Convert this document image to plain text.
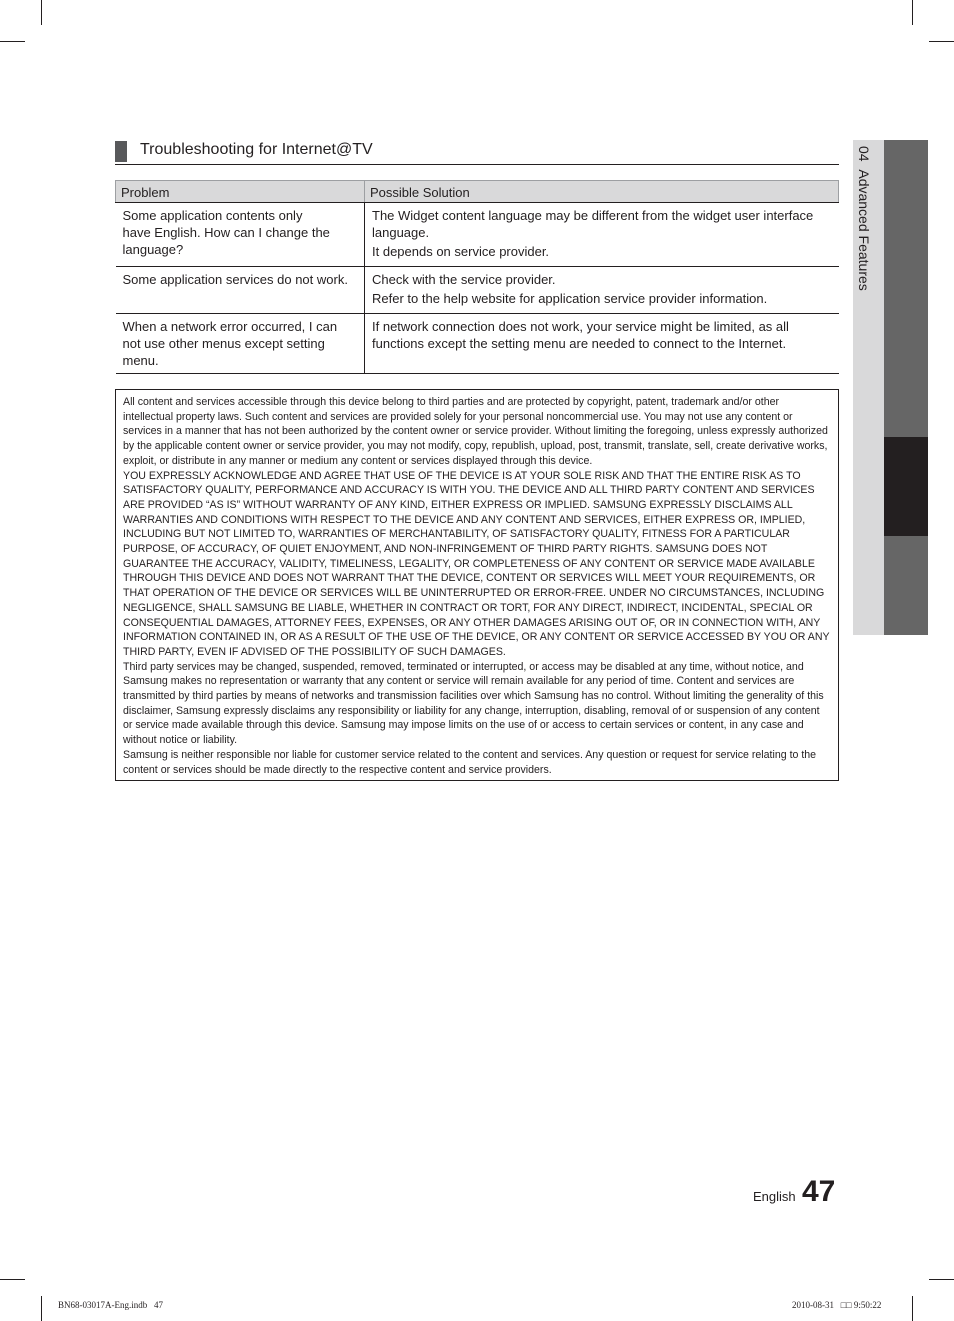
Troubleshooting for Internet@TV
Problem	Possible Solution

Some application contents only
have English. How can I change the
language?	The Widget content language may be different from the widget user interface language.
It depends on service provider.

Some application services do not work.	Check with the service provider.
Refer to the help website for application service provider information.

When a network error occurred, I can
not use other menus except setting
menu.	If network connection does not work, your service might be limited, as all functions except the setting menu are needed to connect to the Internet.

All content and services accessible through this device belong to third parties and are protected by copyright, patent, trademark and/or other intellectual property laws. Such content and services are provided solely for your personal noncommercial use. You may not use any content or services in a manner that has not been authorized by the content owner or service provider. Without limiting the foregoing, unless expressly authorized by the applicable content owner or service provider, you may not modify, copy, republish, upload, post, transmit, translate, sell, create derivative works, exploit, or distribute in any manner or medium any content or services displayed through this device.

YOU EXPRESSLY ACKNOWLEDGE AND AGREE THAT USE OF THE DEVICE IS AT YOUR SOLE RISK AND THAT THE ENTIRE RISK AS TO SATISFACTORY QUALITY, PERFORMANCE AND ACCURACY IS WITH YOU. THE DEVICE AND ALL THIRD PARTY CONTENT AND SERVICES ARE PROVIDED “AS IS” WITHOUT WARRANTY OF ANY KIND, EITHER EXPRESS OR IMPLIED. SAMSUNG EXPRESSLY DISCLAIMS ALL WARRANTIES AND CONDITIONS WITH RESPECT TO THE DEVICE AND ANY CONTENT AND SERVICES, EITHER EXPRESS OR, IMPLIED, INCLUDING BUT NOT LIMITED TO, WARRANTIES OF MERCHANTABILITY, OF SATISFACTORY QUALITY, FITNESS FOR A PARTICULAR PURPOSE, OF ACCURACY, OF QUIET ENJOYMENT, AND NON-INFRINGEMENT OF THIRD PARTY RIGHTS. SAMSUNG DOES NOT GUARANTEE THE ACCURACY, VALIDITY, TIMELINESS, LEGALITY, OR COMPLETENESS OF ANY CONTENT OR SERVICE MADE AVAILABLE THROUGH THIS DEVICE AND DOES NOT WARRANT THAT THE DEVICE, CONTENT OR SERVICES WILL MEET YOUR REQUIREMENTS, OR THAT OPERATION OF THE DEVICE OR SERVICES WILL BE UNINTERRUPTED OR ERROR-FREE. UNDER NO CIRCUMSTANCES, INCLUDING NEGLIGENCE, SHALL SAMSUNG BE LIABLE, WHETHER IN CONTRACT OR TORT, FOR ANY DIRECT, INDIRECT, INCIDENTAL, SPECIAL OR CONSEQUENTIAL DAMAGES, ATTORNEY FEES, EXPENSES, OR ANY OTHER DAMAGES ARISING OUT OF, OR IN CONNECTION WITH, ANY INFORMATION CONTAINED IN, OR AS A RESULT OF THE USE OF THE DEVICE, OR ANY CONTENT OR SERVICE ACCESSED BY YOU OR ANY THIRD PARTY, EVEN IF ADVISED OF THE POSSIBILITY OF SUCH DAMAGES.

Third party services may be changed, suspended, removed, terminated or interrupted, or access may be disabled at any time, without notice, and Samsung makes no representation or warranty that any content or service will remain available for any period of time. Content and services are transmitted by third parties by means of networks and transmission facilities over which Samsung has no control. Without limiting the generality of this disclaimer, Samsung expressly disclaims any responsibility or liability for any change, interruption, disabling, removal of or suspension of any content or service made available through this device. Samsung may impose limits on the use of or access to certain services or content, in any case and without notice or liability.

Samsung is neither responsible nor liable for customer service related to the content and services. Any question or request for service relating to the content or services should be made directly to the respective content and service providers.

04  Advanced Features
English 47
BN68-03017A-Eng.indb   47	2010-08-31   □□ 9:50:22
